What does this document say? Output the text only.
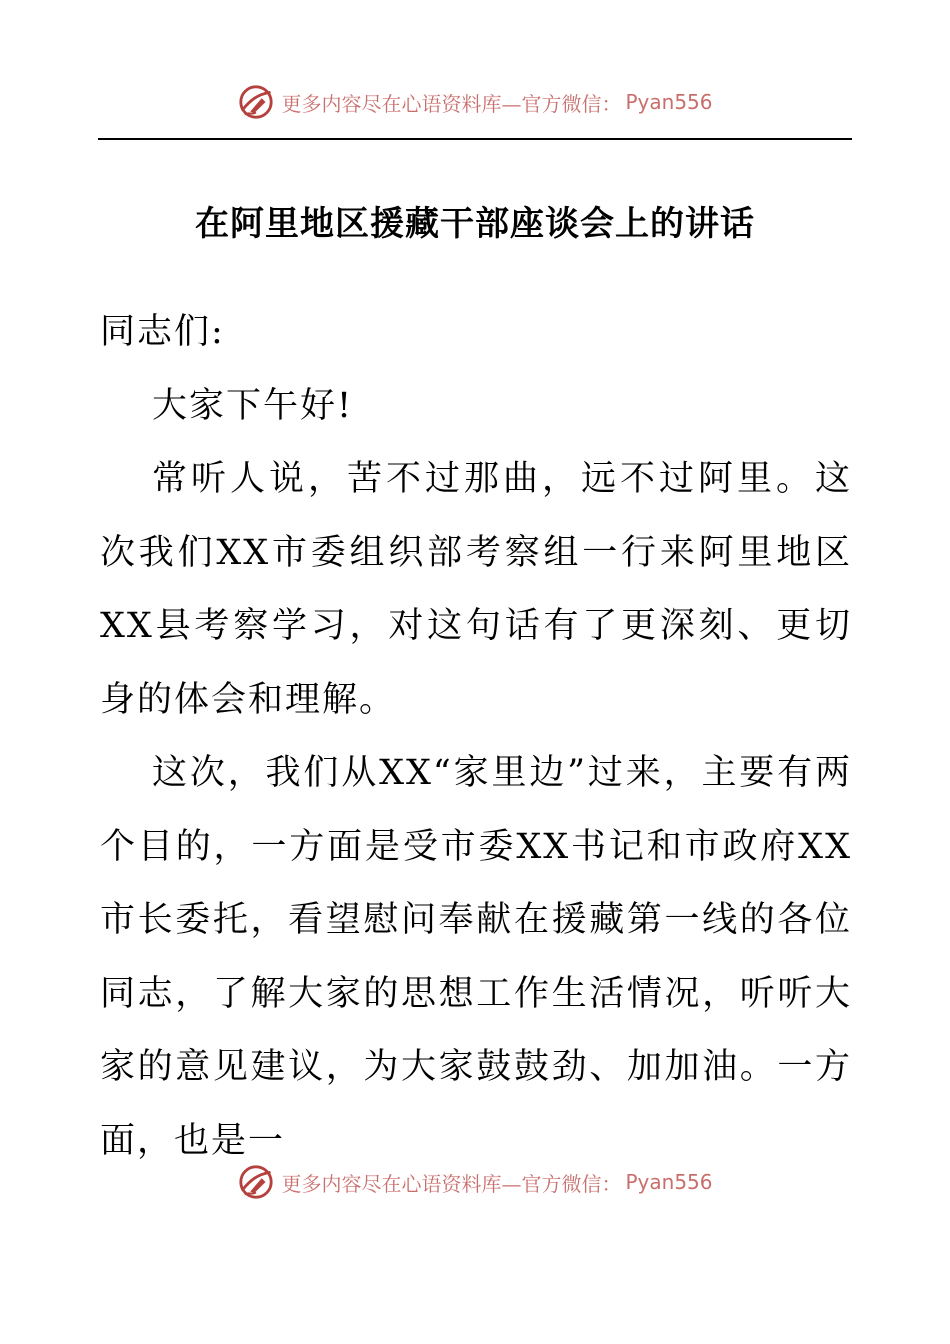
更多内容尽在心语资料库—官方微信： Pyan556
在阿里地区援藏干部座谈会上的讲话

同志们:

大家下午好!

常听人说，苦不过那曲，远不过阿里。这次我们XX市委组织部考察组一行来阿里地区XX县考察学习，对这句话有了更深刻、更切身的体会和理解。

这次，我们从XX“家里边”过来，主要有两个目的，一方面是受市委XX书记和市政府XX市长委托，看望慰问奉献在援藏第一线的各位同志，了解大家的思想工作生活情况，听听大家的意见建议，为大家鼓鼓劲、加加油。一方面，也是一

更多内容尽在心语资料库—官方微信： Pyan556
